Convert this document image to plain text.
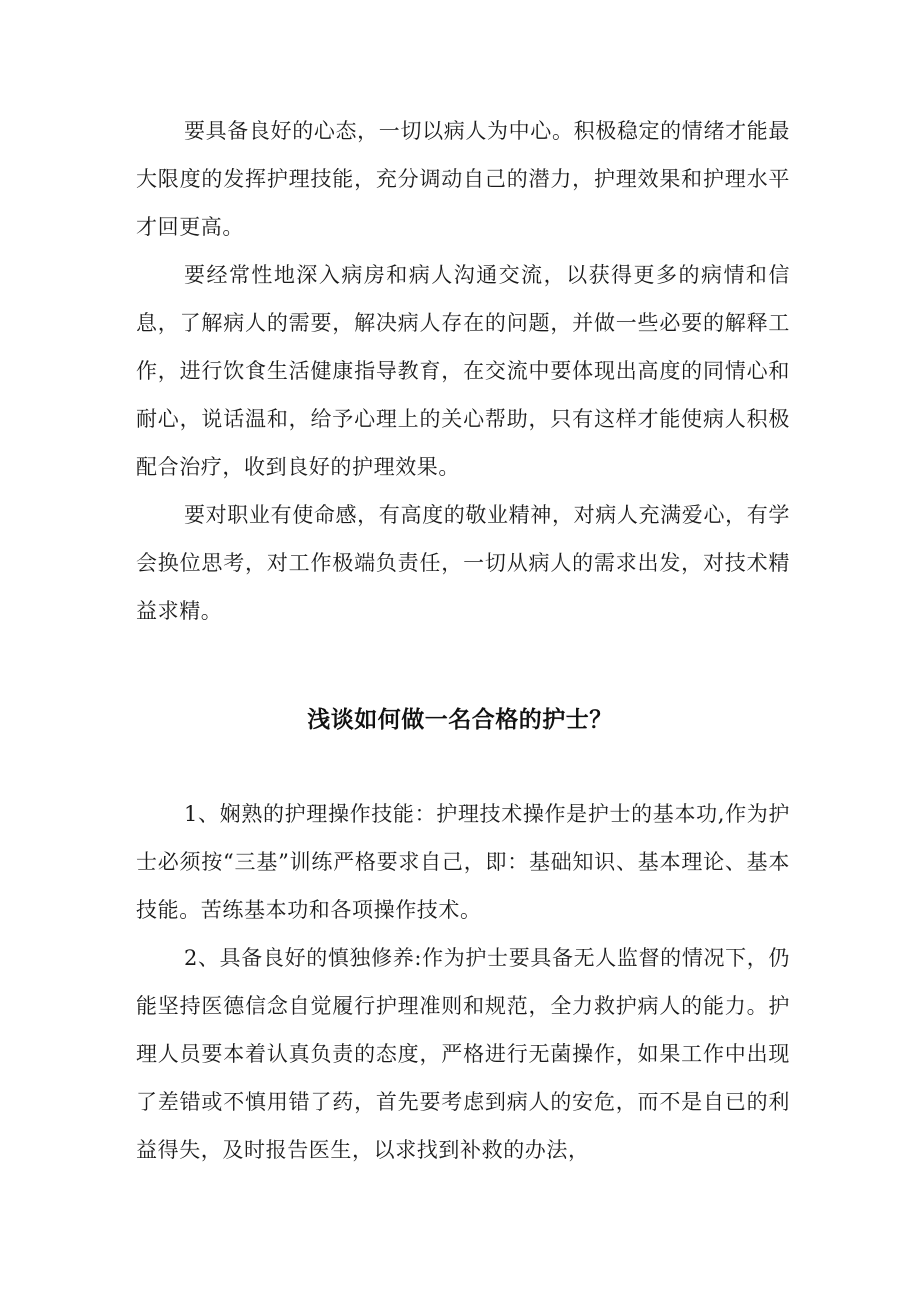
要具备良好的心态，一切以病人为中心。积极稳定的情绪才能最大限度的发挥护理技能，充分调动自己的潜力，护理效果和护理水平才回更高。

要经常性地深入病房和病人沟通交流，以获得更多的病情和信息，了解病人的需要，解决病人存在的问题，并做一些必要的解释工作，进行饮食生活健康指导教育，在交流中要体现出高度的同情心和耐心，说话温和，给予心理上的关心帮助，只有这样才能使病人积极配合治疗，收到良好的护理效果。

要对职业有使命感，有高度的敬业精神，对病人充满爱心，有学会换位思考，对工作极端负责任，一切从病人的需求出发，对技术精益求精。

浅谈如何做一名合格的护士？

1、娴熟的护理操作技能：护理技术操作是护士的基本功,作为护士必须按“三基”训练严格要求自己，即：基础知识、基本理论、基本技能。苦练基本功和各项操作技术。

2、具备良好的慎独修养:作为护士要具备无人监督的情况下，仍能坚持医德信念自觉履行护理准则和规范，全力救护病人的能力。护理人员要本着认真负责的态度，严格进行无菌操作，如果工作中出现了差错或不慎用错了药，首先要考虑到病人的安危，而不是自已的利益得失，及时报告医生，以求找到补救的办法，
